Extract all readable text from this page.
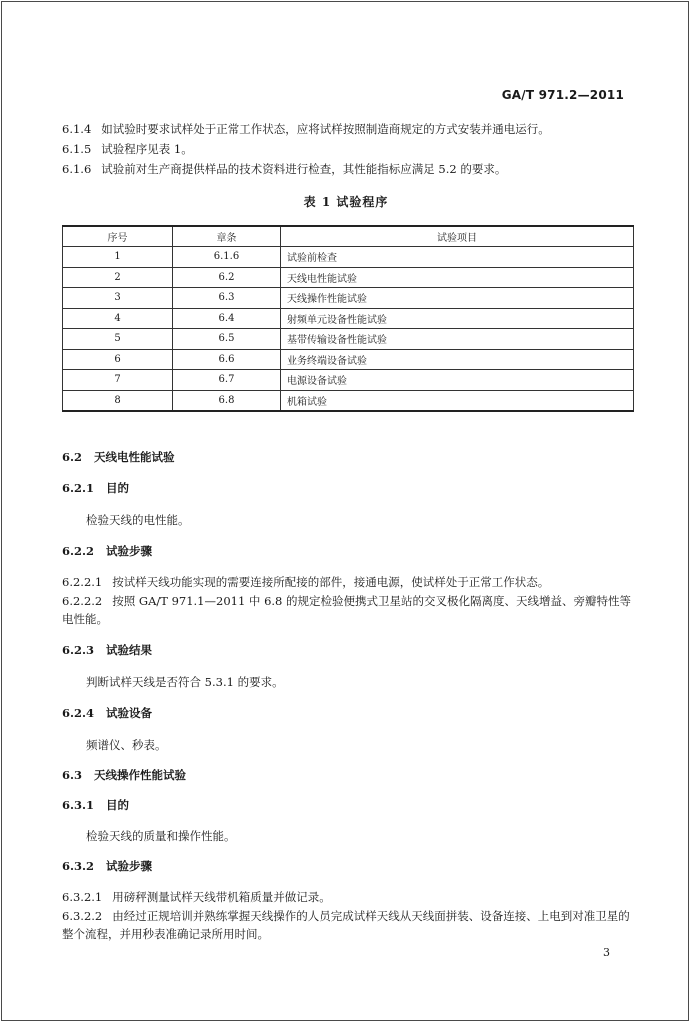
GA/T 971.2—2011
6.1.4 如试验时要求试样处于正常工作状态，应将试样按照制造商规定的方式安装并通电运行。
6.1.5 试验程序见表 1。
6.1.6 试验前对生产商提供样品的技术资料进行检查，其性能指标应满足 5.2 的要求。
表 1 试验程序
序号	章条	试验项目
1	6.1.6	试验前检查
2	6.2	天线电性能试验
3	6.3	天线操作性能试验
4	6.4	射频单元设备性能试验
5	6.5	基带传输设备性能试验
6	6.6	业务终端设备试验
7	6.7	电源设备试验
8	6.8	机箱试验
6.2 天线电性能试验
6.2.1 目的
检验天线的电性能。
6.2.2 试验步骤
6.2.2.1 按试样天线功能实现的需要连接所配接的部件，接通电源，使试样处于正常工作状态。
6.2.2.2 按照 GA/T 971.1—2011 中 6.8 的规定检验便携式卫星站的交叉极化隔离度、天线增益、旁瓣特性等电性能。
6.2.3 试验结果
判断试样天线是否符合 5.3.1 的要求。
6.2.4 试验设备
频谱仪、秒表。
6.3 天线操作性能试验
6.3.1 目的
检验天线的质量和操作性能。
6.3.2 试验步骤
6.3.2.1 用磅秤测量试样天线带机箱质量并做记录。
6.3.2.2 由经过正规培训并熟练掌握天线操作的人员完成试样天线从天线面拼装、设备连接、上电到对准卫星的整个流程，并用秒表准确记录所用时间。
3
